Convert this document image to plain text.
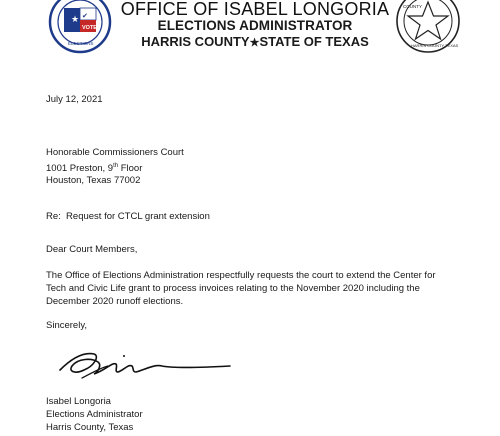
★ ✔
VOTE
ELECTIONS
COUNTY
HARRIS COUNTY TEXAS
OFFICE OF ISABEL LONGORIA
ELECTIONS ADMINISTRATOR
HARRIS COUNTY★STATE OF TEXAS

July 12, 2021

Honorable Commissioners Court

1001 Preston, 9th Floor

Houston, Texas 77002

Re:  Request for CTCL grant extension

Dear Court Members,

The Office of Elections Administration respectfully requests the court to extend the Center for Tech and Civic Life grant to process invoices relating to the November 2020 including the December 2020 runoff elections.

Sincerely,

Isabel Longoria

Elections Administrator

Harris County, Texas
